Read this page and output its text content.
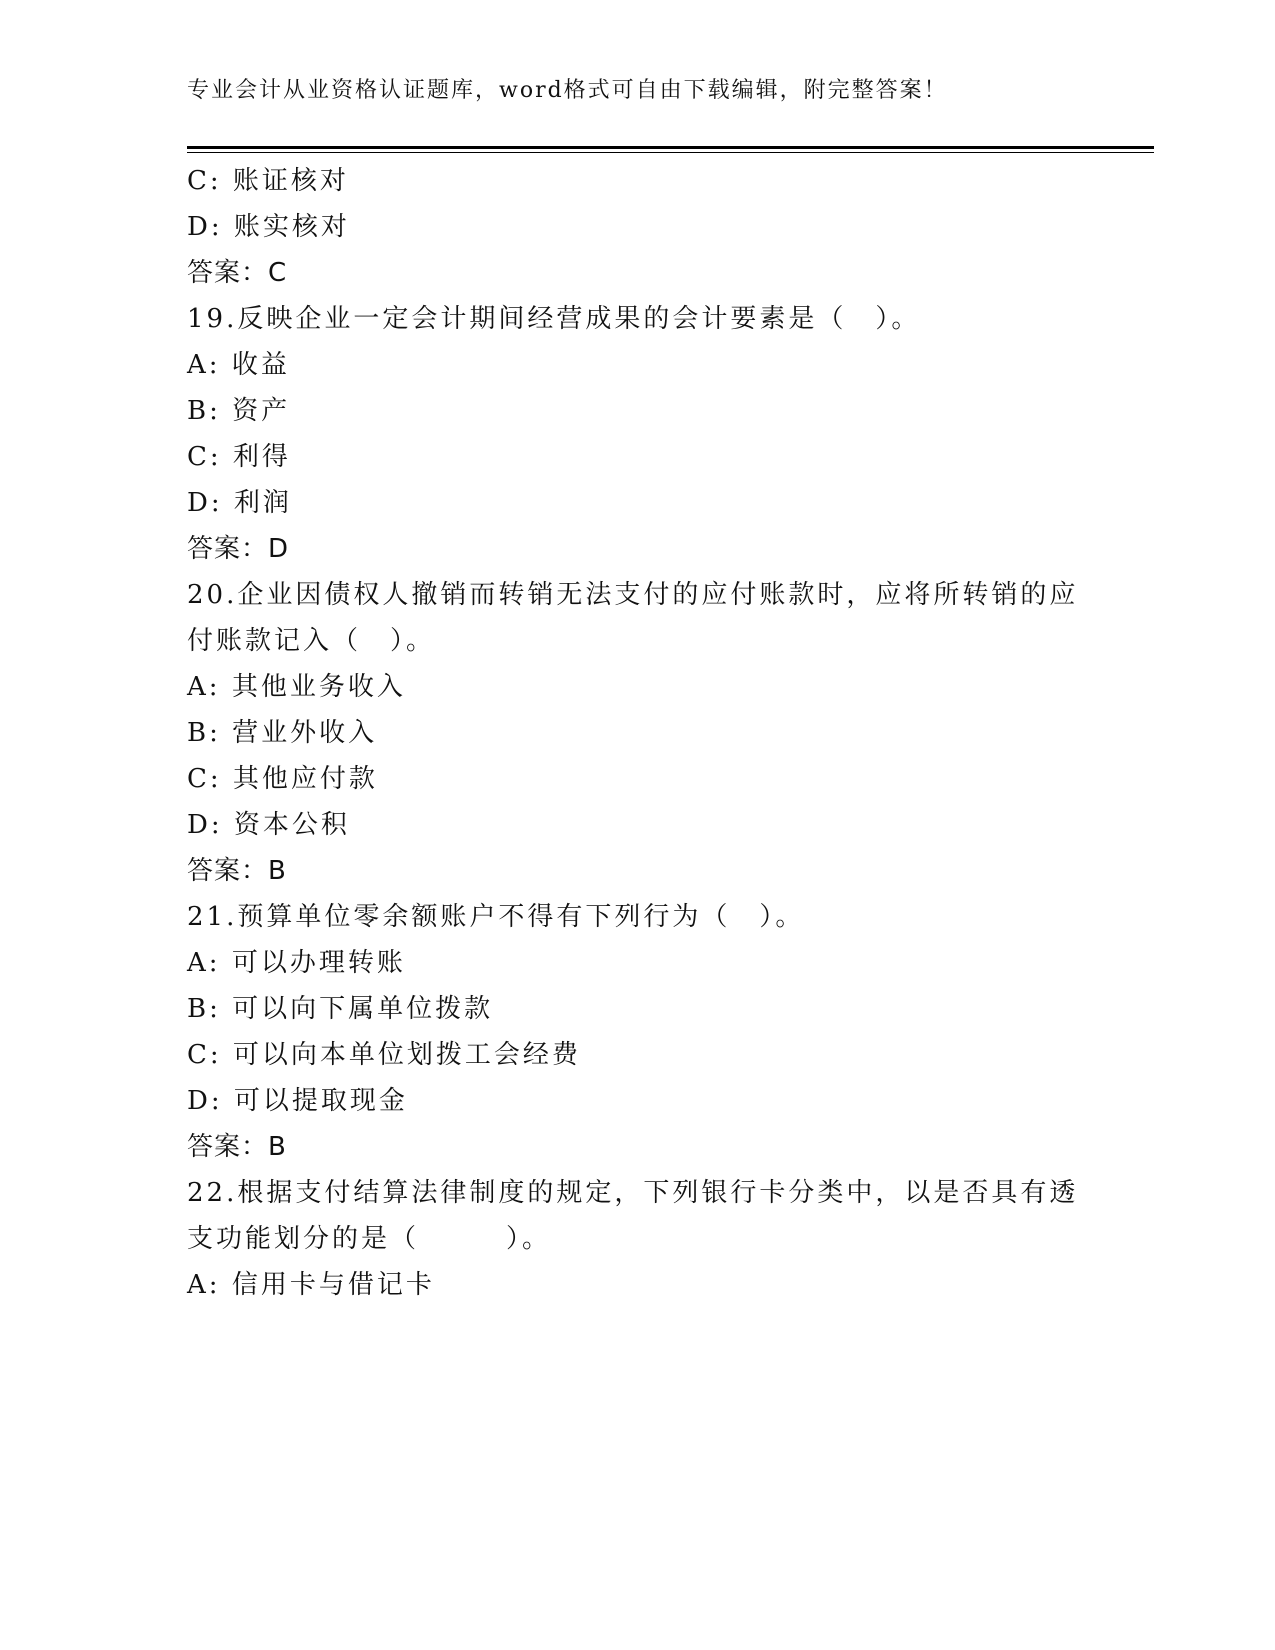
专业会计从业资格认证题库，word格式可自由下载编辑，附完整答案！
C: 账证核对
D: 账实核对
答案：C
19.反映企业一定会计期间经营成果的会计要素是（　）。
A: 收益
B: 资产
C: 利得
D: 利润
答案：D
20.企业因债权人撤销而转销无法支付的应付账款时，应将所转销的应
付账款记入（　）。
A: 其他业务收入
B: 营业外收入
C: 其他应付款
D: 资本公积
答案：B
21.预算单位零余额账户不得有下列行为（　）。
A: 可以办理转账
B: 可以向下属单位拨款
C: 可以向本单位划拨工会经费
D: 可以提取现金
答案：B
22.根据支付结算法律制度的规定，下列银行卡分类中，以是否具有透
支功能划分的是（　　　）。
A: 信用卡与借记卡
